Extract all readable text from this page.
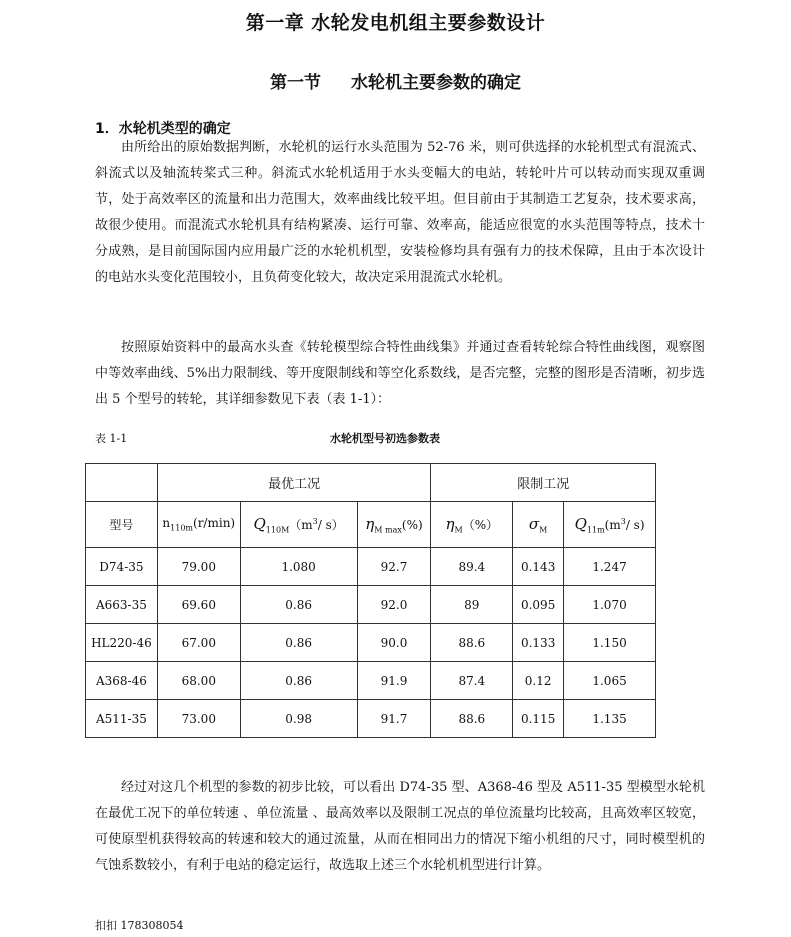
第一章 水轮发电机组主要参数设计
第一节 水轮机主要参数的确定
1．水轮机类型的确定

由所给出的原始数据判断，水轮机的运行水头范围为 52-76 米，则可供选择的水轮机型式有混流式、斜流式以及轴流转桨式三种。斜流式水轮机适用于水头变幅大的电站，转轮叶片可以转动而实现双重调节，处于高效率区的流量和出力范围大，效率曲线比较平坦。但目前由于其制造工艺复杂，技术要求高，故很少使用。而混流式水轮机具有结构紧凑、运行可靠、效率高，能适应很宽的水头范围等特点，技术十分成熟，是目前国际国内应用最广泛的水轮机机型，安装检修均具有强有力的技术保障，且由于本次设计的电站水头变化范围较小，且负荷变化较大，故决定采用混流式水轮机。

按照原始资料中的最高水头查《转轮模型综合特性曲线集》并通过查看转轮综合特性曲线图，观察图中等效率曲线、5%出力限制线、等开度限制线和等空化系数线，是否完整，完整的图形是否清晰，初步选出 5 个型号的转轮，其详细参数见下表（表 1-1）：

表 1-1	水轮机型号初选参数表
	最优工况			限制工况		
型号	$n_{110m}(r/\min)$	$Q_{110M}(m^3/$ s）	$\eta_{M max}(\%)$	$\eta_M(\%)$	$\sigma_M$	$Q_{11m}(m^3/$ s)
D74-35	79.00	1.080	92.7	89.4	0.143	1.247
A663-35	69.60	0.86	92.0	89	0.095	1.070
HL220-46	67.00	0.86	90.0	88.6	0.133	1.150
A368-46	68.00	0.86	91.9	87.4	0.12	1.065
A511-35	73.00	0.98	91.7	88.6	0.115	1.135

经过对这几个机型的参数的初步比较，可以看出 D74-35 型、A368-46 型及 A511-35 型模型水轮机在最优工况下的单位转速 、单位流量 、最高效率以及限制工况点的单位流量均比较高，且高效率区较宽，可使原型机获得较高的转速和较大的通过流量，从而在相同出力的情况下缩小机组的尺寸，同时模型机的气蚀系数较小，有利于电站的稳定运行，故选取上述三个水轮机机型进行计算。

扣扣 178308054
